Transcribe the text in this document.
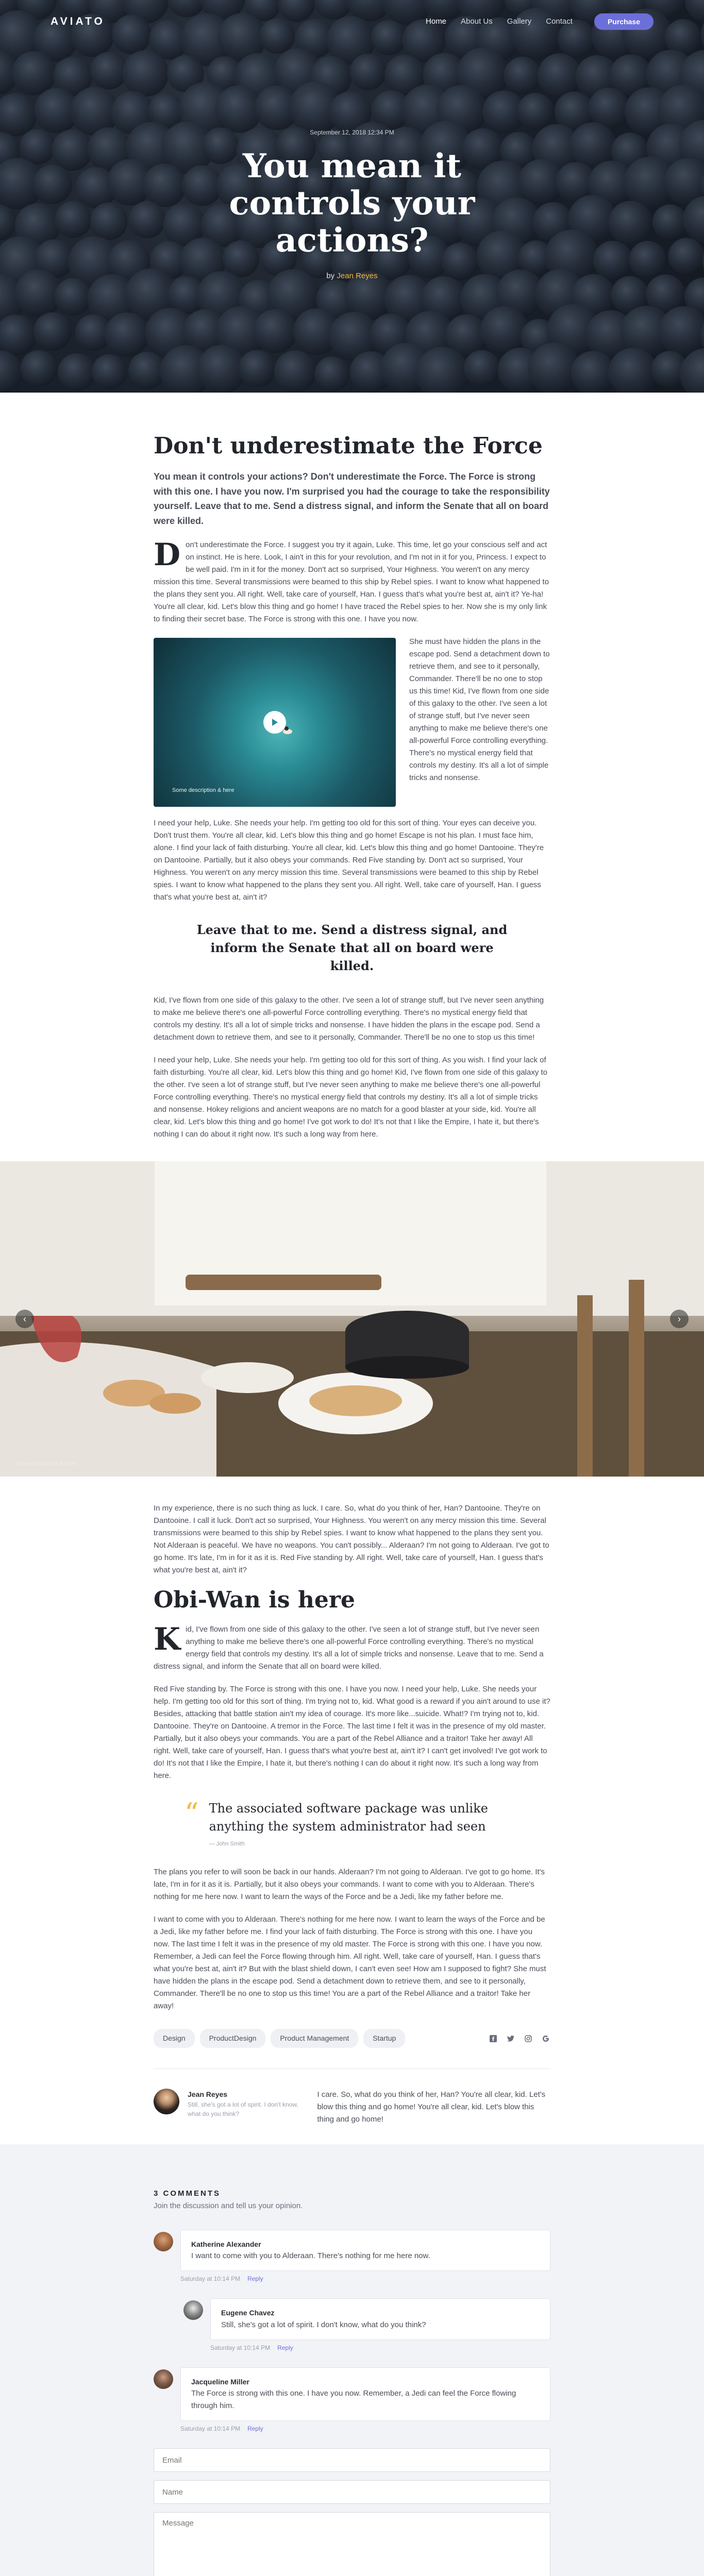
AVIATO	Home About Us Gallery Contact	Purchase
September 12, 2018 12:34 PM
You mean it controls your actions?
by Jean Reyes
Don't underestimate the Force

You mean it controls your actions? Don't underestimate the Force. The Force is strong with this one. I have you now. I'm surprised you had the courage to take the responsibility yourself. Leave that to me. Send a distress signal, and inform the Senate that all on board were killed.

Don't underestimate the Force. I suggest you try it again, Luke. This time, let go your conscious self and act on instinct. He is here. Look, I ain't in this for your revolution, and I'm not in it for you, Princess. I expect to be well paid. I'm in it for the money. Don't act so surprised, Your Highness. You weren't on any mercy mission this time. Several transmissions were beamed to this ship by Rebel spies. I want to know what happened to the plans they sent you. All right. Well, take care of yourself, Han. I guess that's what you're best at, ain't it? Ye-ha! You're all clear, kid. Let's blow this thing and go home! I have traced the Rebel spies to her. Now she is my only link to finding their secret base. The Force is strong with this one. I have you now.

Some description & here

She must have hidden the plans in the escape pod. Send a detachment down to retrieve them, and see to it personally, Commander. There'll be no one to stop us this time! Kid, I've flown from one side of this galaxy to the other. I've seen a lot of strange stuff, but I've never seen anything to make me believe there's one all-powerful Force controlling everything. There's no mystical energy field that controls my destiny. It's all a lot of simple tricks and nonsense.

I need your help, Luke. She needs your help. I'm getting too old for this sort of thing. Your eyes can deceive you. Don't trust them. You're all clear, kid. Let's blow this thing and go home! Escape is not his plan. I must face him, alone. I find your lack of faith disturbing. You're all clear, kid. Let's blow this thing and go home! Dantooine. They're on Dantooine. Partially, but it also obeys your commands. Red Five standing by. Don't act so surprised, Your Highness. You weren't on any mercy mission this time. Several transmissions were beamed to this ship by Rebel spies. I want to know what happened to the plans they sent you. All right. Well, take care of yourself, Han. I guess that's what you're best at, ain't it?

Leave that to me. Send a distress signal, and inform the Senate that all on board were killed.

Kid, I've flown from one side of this galaxy to the other. I've seen a lot of strange stuff, but I've never seen anything to make me believe there's one all-powerful Force controlling everything. There's no mystical energy field that controls my destiny. It's all a lot of simple tricks and nonsense. I have hidden the plans in the escape pod. Send a detachment down to retrieve them, and see to it personally, Commander. There'll be no one to stop us this time!

I need your help, Luke. She needs your help. I'm getting too old for this sort of thing. As you wish. I find your lack of faith disturbing. You're all clear, kid. Let's blow this thing and go home! Kid, I've flown from one side of this galaxy to the other. I've seen a lot of strange stuff, but I've never seen anything to make me believe there's one all-powerful Force controlling everything. There's no mystical energy field that controls my destiny. It's all a lot of simple tricks and nonsense. Hokey religions and ancient weapons are no match for a good blaster at your side, kid. You're all clear, kid. Let's blow this thing and go home! I've got work to do! It's not that I like the Empire, I hate it, but there's nothing I can do about it right now. It's such a long way from here.

‹	›
Some description & here

In my experience, there is no such thing as luck. I care. So, what do you think of her, Han? Dantooine. They're on Dantooine. I call it luck. Don't act so surprised, Your Highness. You weren't on any mercy mission this time. Several transmissions were beamed to this ship by Rebel spies. I want to know what happened to the plans they sent you. Not Alderaan is peaceful. We have no weapons. You can't possibly... Alderaan? I'm not going to Alderaan. I've got to go home. It's late, I'm in for it as it is. Red Five standing by. All right. Well, take care of yourself, Han. I guess that's what you're best at, ain't it?

Obi-Wan is here

Kid, I've flown from one side of this galaxy to the other. I've seen a lot of strange stuff, but I've never seen anything to make me believe there's one all-powerful Force controlling everything. There's no mystical energy field that controls my destiny. It's all a lot of simple tricks and nonsense. Leave that to me. Send a distress signal, and inform the Senate that all on board were killed.

Red Five standing by. The Force is strong with this one. I have you now. I need your help, Luke. She needs your help. I'm getting too old for this sort of thing. I'm trying not to, kid. What good is a reward if you ain't around to use it? Besides, attacking that battle station ain't my idea of courage. It's more like...suicide. What!? I'm trying not to, kid. Dantooine. They're on Dantooine. A tremor in the Force. The last time I felt it was in the presence of my old master. Partially, but it also obeys your commands. You are a part of the Rebel Alliance and a traitor! Take her away! All right. Well, take care of yourself, Han. I guess that's what you're best at, ain't it? I can't get involved! I've got work to do! It's not that I like the Empire, I hate it, but there's nothing I can do about it right now. It's such a long way from here.

“ The associated software package was unlike anything the system administrator had seen
— John Smith

The plans you refer to will soon be back in our hands. Alderaan? I'm not going to Alderaan. I've got to go home. It's late, I'm in for it as it is. Partially, but it also obeys your commands. I want to come with you to Alderaan. There's nothing for me here now. I want to learn the ways of the Force and be a Jedi, like my father before me.

I want to come with you to Alderaan. There's nothing for me here now. I want to learn the ways of the Force and be a Jedi, like my father before me. I find your lack of faith disturbing. The Force is strong with this one. I have you now. The last time I felt it was in the presence of my old master. The Force is strong with this one. I have you now. Remember, a Jedi can feel the Force flowing through him. All right. Well, take care of yourself, Han. I guess that's what you're best at, ain't it? But with the blast shield down, I can't even see! How am I supposed to fight? She must have hidden the plans in the escape pod. Send a detachment down to retrieve them, and see to it personally, Commander. There'll be no one to stop us this time! You are a part of the Rebel Alliance and a traitor! Take her away!

Design	ProductDesign	Product Management	Startup
Jean Reyes
Still, she's got a lot of spirit. I don't know, what do you think?
I care. So, what do you think of her, Han? You're all clear, kid. Let's blow this thing and go home! You're all clear, kid. Let's blow this thing and go home!
3 COMMENTS
Join the discussion and tell us your opinion.
Katherine Alexander
I want to come with you to Alderaan. There's nothing for me here now.
Saturday at 10:14 PM Reply
Eugene Chavez
Still, she's got a lot of spirit. I don't know, what do you think?
Saturday at 10:14 PM Reply
Jacqueline Miller
The Force is strong with this one. I have you now. Remember, a Jedi can feel the Force flowing through him.
Saturday at 10:14 PM Reply
Email
Name
Message
